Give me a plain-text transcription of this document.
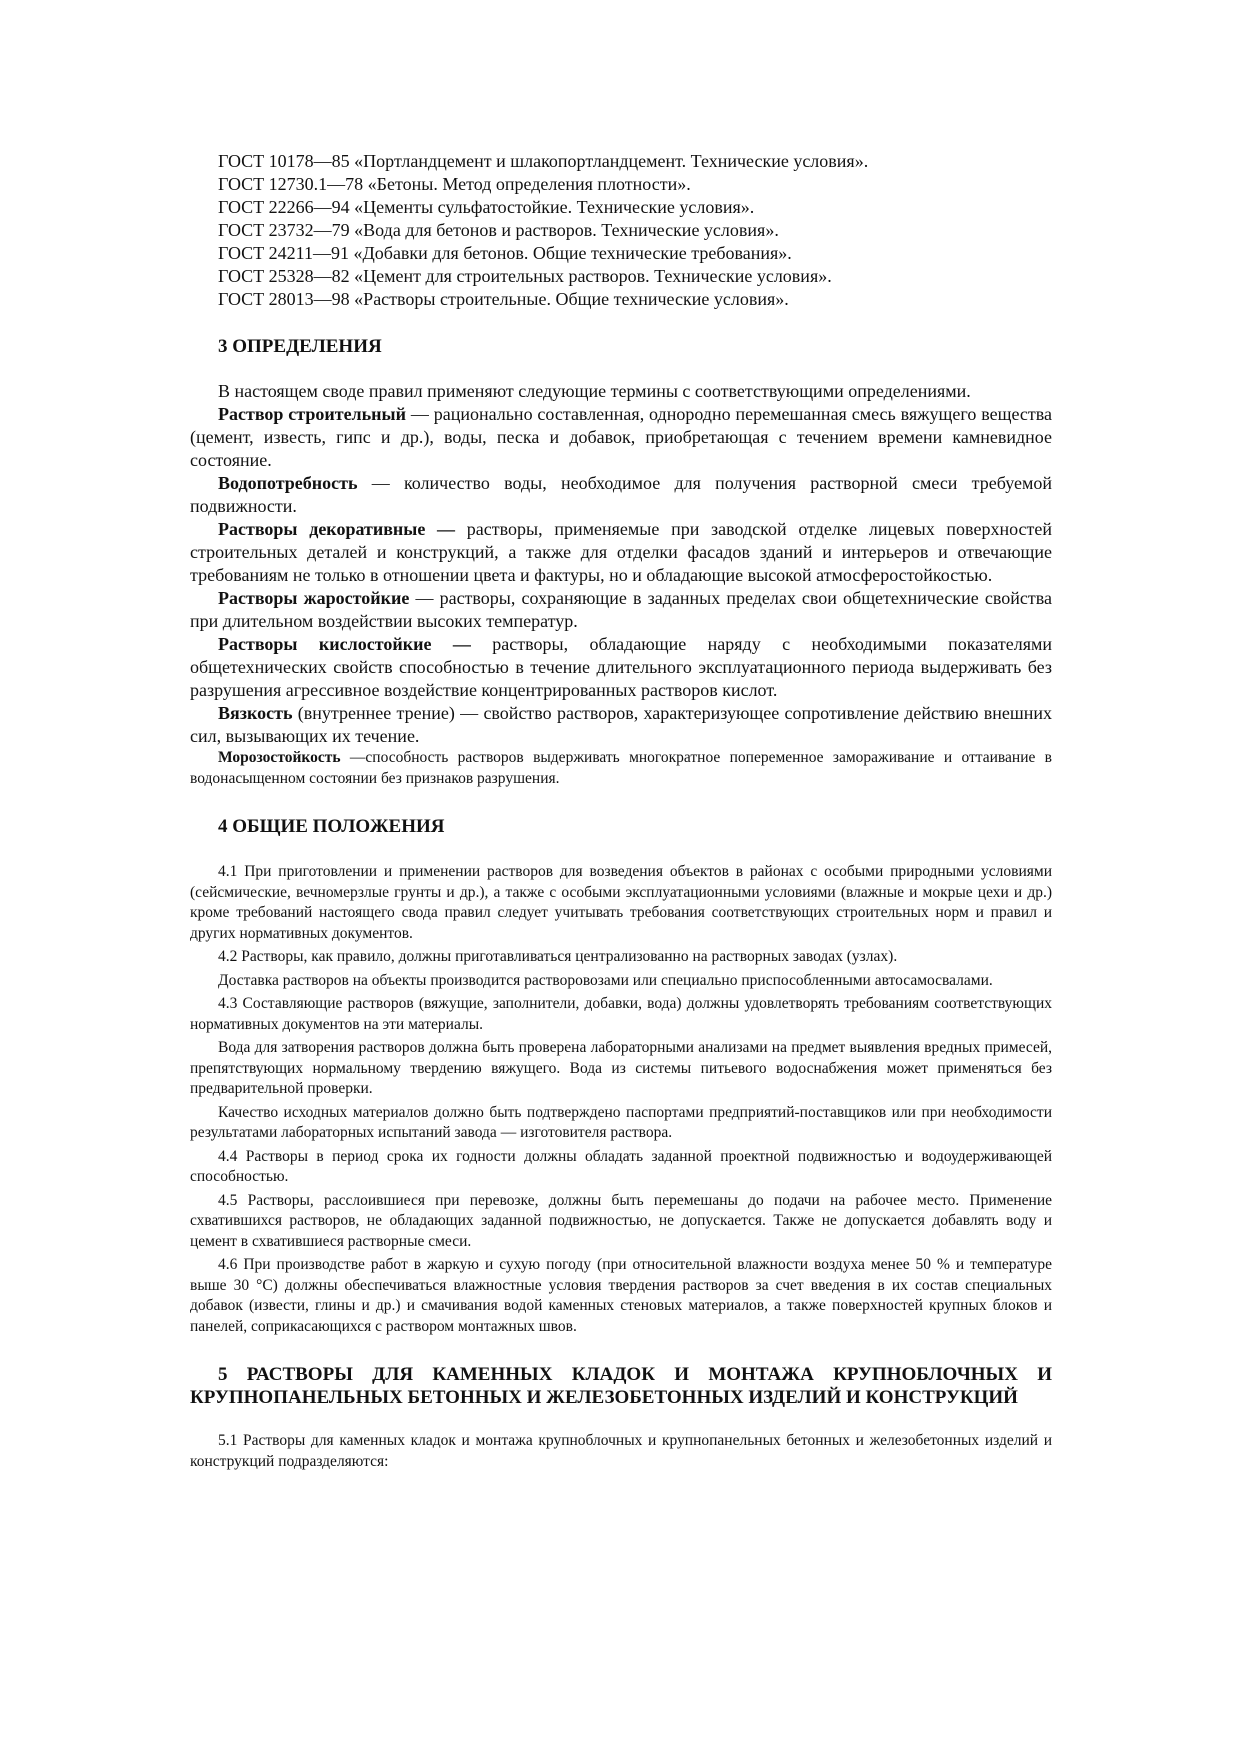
ГОСТ 10178—85 «Портландцемент и шлакопортландцемент. Технические условия».
ГОСТ 12730.1—78 «Бетоны. Метод определения плотности».
ГОСТ 22266—94 «Цементы сульфатостойкие. Технические условия».
ГОСТ 23732—79 «Вода для бетонов и растворов. Технические условия».
ГОСТ 24211—91 «Добавки для бетонов. Общие технические требования».
ГОСТ 25328—82 «Цемент для строительных растворов. Технические условия».
ГОСТ 28013—98 «Растворы строительные. Общие технические условия».
3 ОПРЕДЕЛЕНИЯ

В настоящем своде правил применяют следующие термины с соответствующими определениями.

Раствор строительный — рационально составленная, однородно перемешанная смесь вяжущего вещества (цемент, известь, гипс и др.), воды, песка и добавок, приобретающая с течением времени камневидное состояние.

Водопотребность — количество воды, необходимое для получения растворной смеси требуемой подвижности.

Растворы декоративные — растворы, применяемые при заводской отделке лицевых поверхностей строительных деталей и конструкций, а также для отделки фасадов зданий и интерьеров и отвечающие требованиям не только в отношении цвета и фактуры, но и обладающие высокой атмосферостойкостью.

Растворы жаростойкие — растворы, сохраняющие в заданных пределах свои общетехнические свойства при длительном воздействии высоких температур.

Растворы кислостойкие — растворы, обладающие наряду с необходимыми показателями общетехнических свойств способностью в течение длительного эксплуатационного периода выдерживать без разрушения агрессивное воздействие концентрированных растворов кислот.

Вязкость (внутреннее трение) — свойство растворов, характеризующее сопротивление действию внешних сил, вызывающих их течение.

Морозостойкость —способность растворов выдерживать многократное попеременное замораживание и оттаивание в водонасыщенном состоянии без признаков разрушения.

4 ОБЩИЕ ПОЛОЖЕНИЯ

4.1 При приготовлении и применении растворов для возведения объектов в районах с особыми природными условиями (сейсмические, вечномерзлые грунты и др.), а также с особыми эксплуатационными условиями (влажные и мокрые цехи и др.) кроме требований настоящего свода правил следует учитывать требования соответствующих строительных норм и правил и других нормативных документов.

4.2 Растворы, как правило, должны приготавливаться централизованно на растворных заводах (узлах).

Доставка растворов на объекты производится растворовозами или специально приспособленными автосамосвалами.

4.3 Составляющие растворов (вяжущие, заполнители, добавки, вода) должны удовлетворять требованиям соответствующих нормативных документов на эти материалы.

Вода для затворения растворов должна быть проверена лабораторными анализами на предмет выявления вредных примесей, препятствующих нормальному твердению вяжущего. Вода из системы питьевого водоснабжения может применяться без предварительной проверки.

Качество исходных материалов должно быть подтверждено паспортами предприятий-поставщиков или при необходимости результатами лабораторных испытаний завода — изготовителя раствора.

4.4 Растворы в период срока их годности должны обладать заданной проектной подвижностью и водоудерживающей способностью.

4.5 Растворы, расслоившиеся при перевозке, должны быть перемешаны до подачи на рабочее место. Применение схватившихся растворов, не обладающих заданной подвижностью, не допускается. Также не допускается добавлять воду и цемент в схватившиеся растворные смеси.

4.6 При производстве работ в жаркую и сухую погоду (при относительной влажности воздуха менее 50 % и температуре выше 30 °С) должны обеспечиваться влажностные условия твердения растворов за счет введения в их состав специальных добавок (извести, глины и др.) и смачивания водой каменных стеновых материалов, а также поверхностей крупных блоков и панелей, соприкасающихся с раствором монтажных швов.

5 РАСТВОРЫ ДЛЯ КАМЕННЫХ КЛАДОК И МОНТАЖА КРУПНОБЛОЧНЫХ И КРУПНОПАНЕЛЬНЫХ БЕТОННЫХ И ЖЕЛЕЗОБЕТОННЫХ ИЗДЕЛИЙ И КОНСТРУКЦИЙ

5.1 Растворы для каменных кладок и монтажа крупноблочных и крупнопанельных бетонных и железобетонных изделий и конструкций подразделяются:
